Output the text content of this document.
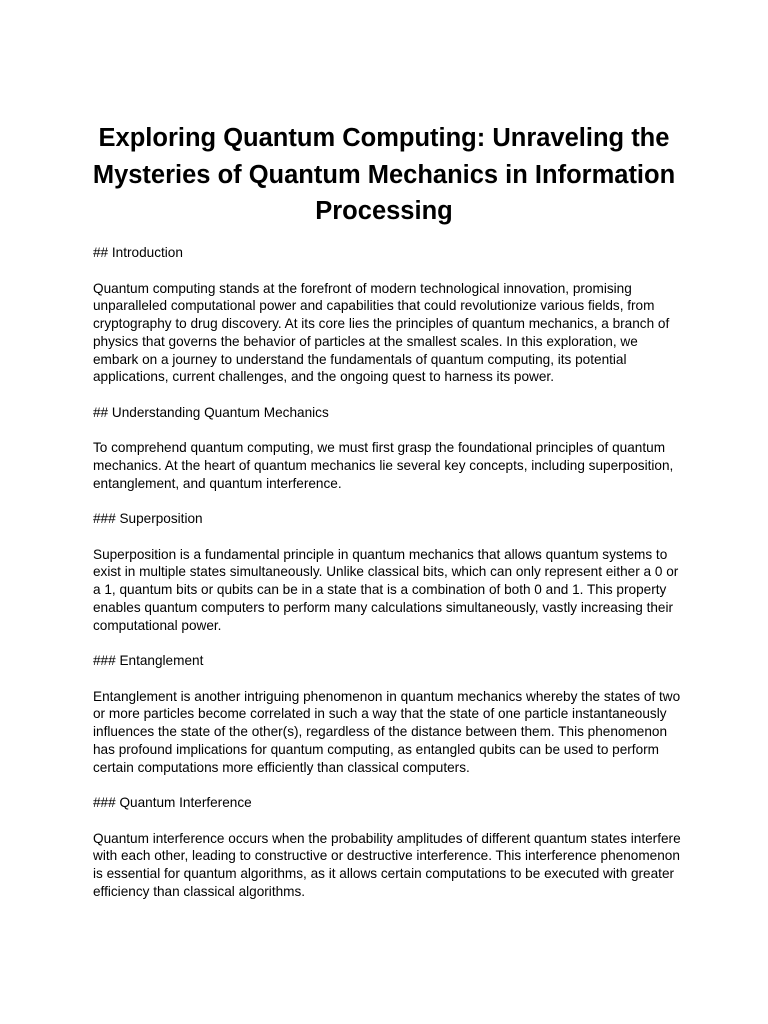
Exploring Quantum Computing: Unraveling the Mysteries of Quantum Mechanics in Information Processing
## Introduction

Quantum computing stands at the forefront of modern technological innovation, promising unparalleled computational power and capabilities that could revolutionize various fields, from cryptography to drug discovery. At its core lies the principles of quantum mechanics, a branch of physics that governs the behavior of particles at the smallest scales. In this exploration, we embark on a journey to understand the fundamentals of quantum computing, its potential applications, current challenges, and the ongoing quest to harness its power.

## Understanding Quantum Mechanics

To comprehend quantum computing, we must first grasp the foundational principles of quantum mechanics. At the heart of quantum mechanics lie several key concepts, including superposition, entanglement, and quantum interference.

### Superposition

Superposition is a fundamental principle in quantum mechanics that allows quantum systems to exist in multiple states simultaneously. Unlike classical bits, which can only represent either a 0 or a 1, quantum bits or qubits can be in a state that is a combination of both 0 and 1. This property enables quantum computers to perform many calculations simultaneously, vastly increasing their computational power.

### Entanglement

Entanglement is another intriguing phenomenon in quantum mechanics whereby the states of two or more particles become correlated in such a way that the state of one particle instantaneously influences the state of the other(s), regardless of the distance between them. This phenomenon has profound implications for quantum computing, as entangled qubits can be used to perform certain computations more efficiently than classical computers.

### Quantum Interference

Quantum interference occurs when the probability amplitudes of different quantum states interfere with each other, leading to constructive or destructive interference. This interference phenomenon is essential for quantum algorithms, as it allows certain computations to be executed with greater efficiency than classical algorithms.
